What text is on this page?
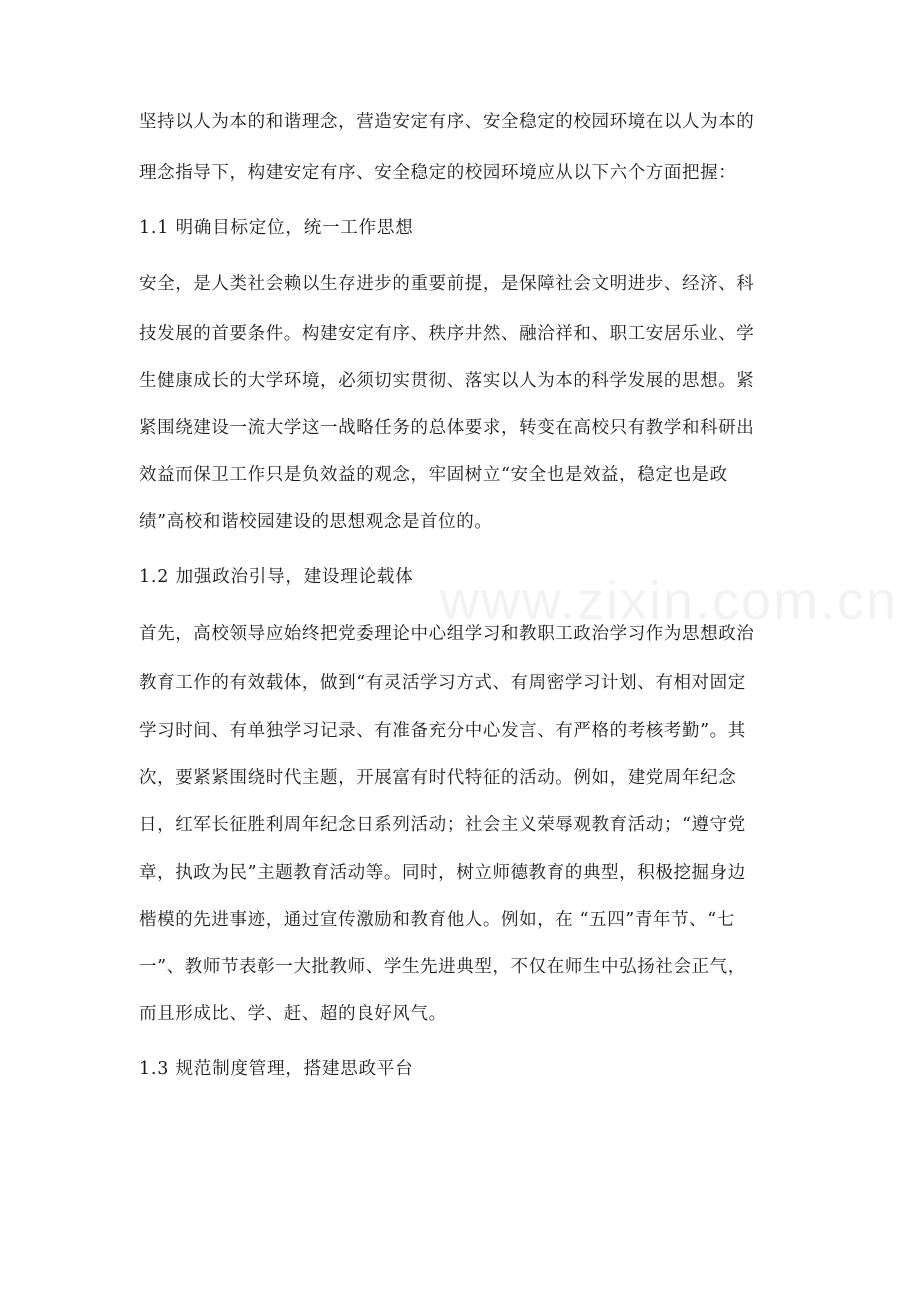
www.zixin.com.cn
坚持以人为本的和谐理念，营造安定有序、安全稳定的校园环境在以人为本的
理念指导下，构建安定有序、安全稳定的校园环境应从以下六个方面把握：
1.1 明确目标定位，统一工作思想
安全，是人类社会赖以生存进步的重要前提，是保障社会文明进步、经济、科
技发展的首要条件。构建安定有序、秩序井然、融洽祥和、职工安居乐业、学
生健康成长的大学环境，必须切实贯彻、落实以人为本的科学发展的思想。紧
紧围绕建设一流大学这一战略任务的总体要求，转变在高校只有教学和科研出
效益而保卫工作只是负效益的观念，牢固树立“安全也是效益，稳定也是政
绩”高校和谐校园建设的思想观念是首位的。
1.2 加强政治引导，建设理论载体
首先，高校领导应始终把党委理论中心组学习和教职工政治学习作为思想政治
教育工作的有效载体，做到“有灵活学习方式、有周密学习计划、有相对固定
学习时间、有单独学习记录、有准备充分中心发言、有严格的考核考勤”。其
次，要紧紧围绕时代主题，开展富有时代特征的活动。例如，建党周年纪念
日，红军长征胜利周年纪念日系列活动；社会主义荣辱观教育活动；“遵守党
章，执政为民”主题教育活动等。同时，树立师德教育的典型，积极挖掘身边
楷模的先进事迹，通过宣传激励和教育他人。例如，在 “五四”青年节、“七
一”、教师节表彰一大批教师、学生先进典型，不仅在师生中弘扬社会正气，
而且形成比、学、赶、超的良好风气。
1.3 规范制度管理，搭建思政平台
